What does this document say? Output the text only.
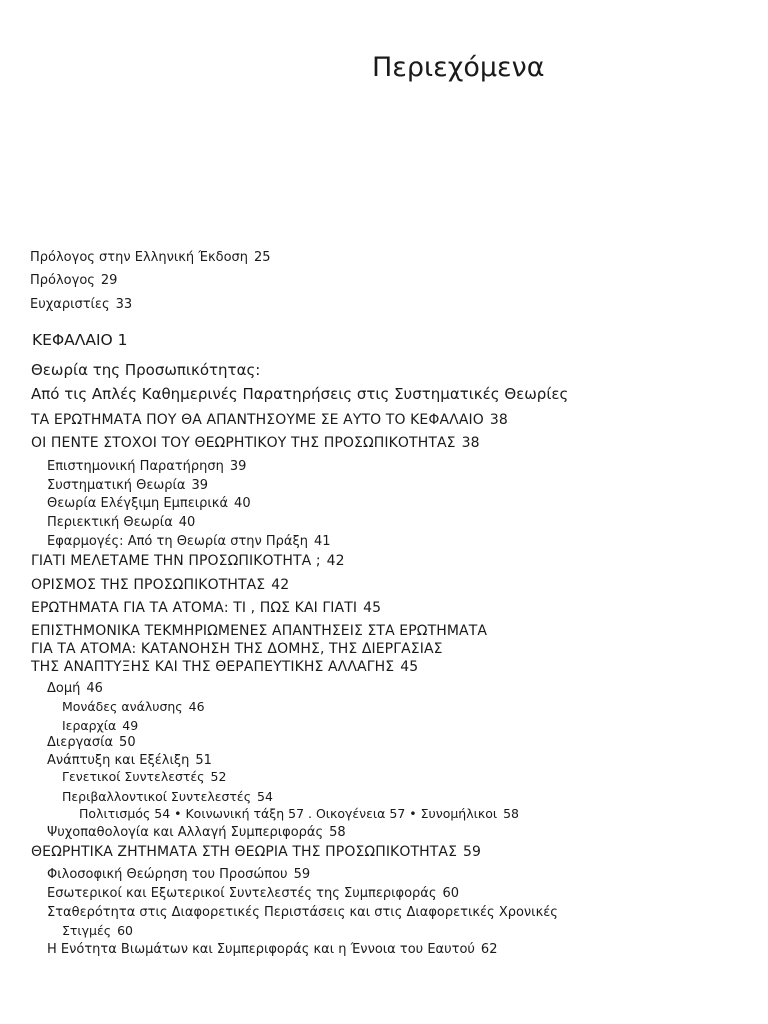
Περιεχόμενα
Πρόλογος στην Ελληνική Έκδοση 25
Πρόλογος 29
Ευχαριστίες 33
ΚΕΦΑΛΑΙΟ 1
Θεωρία της Προσωπικότητας:
Από τις Απλές Καθημερινές Παρατηρήσεις στις Συστηματικές Θεωρίες
ΤΑ ΕΡΩΤΗΜΑΤΑ ΠΟΥ ΘΑ ΑΠΑΝΤΗΣΟΥΜΕ ΣΕ ΑΥΤΟ ΤΟ ΚΕΦΑΛΑΙΟ 38
ΟΙ ΠΕΝΤΕ ΣΤΟΧΟΙ ΤΟΥ ΘΕΩΡΗΤΙΚΟΥ ΤΗΣ ΠΡΟΣΩΠΙΚΟΤΗΤΑΣ 38
Επιστημονική Παρατήρηση 39
Συστηματική Θεωρία 39
Θεωρία Ελέγξιμη Εμπειρικά 40
Περιεκτική Θεωρία 40
Εφαρμογές: Από τη Θεωρία στην Πράξη 41
ΓΙΑΤΙ ΜΕΛΕΤΑΜΕ ΤΗΝ ΠΡΟΣΩΠΙΚΟΤΗΤΑ ; 42
ΟΡΙΣΜΟΣ ΤΗΣ ΠΡΟΣΩΠΙΚΟΤΗΤΑΣ 42
ΕΡΩΤΗΜΑΤΑ ΓΙΑ ΤΑ ΑΤΟΜΑ: ΤΙ , ΠΩΣ ΚΑΙ ΓΙΑΤΙ 45
ΕΠΙΣΤΗΜΟΝΙΚΑ ΤΕΚΜΗΡΙΩΜΕΝΕΣ ΑΠΑΝΤΗΣΕΙΣ ΣΤΑ ΕΡΩΤΗΜΑΤΑ
ΓΙΑ ΤΑ ΑΤΟΜΑ: ΚΑΤΑΝΟΗΣΗ ΤΗΣ ΔΟΜΗΣ, ΤΗΣ ΔΙΕΡΓΑΣΙΑΣ
ΤΗΣ ΑΝΑΠΤΥΞΗΣ ΚΑΙ ΤΗΣ ΘΕΡΑΠΕΥΤΙΚΗΣ ΑΛΛΑΓΗΣ 45
Δομή 46
Μονάδες ανάλυσης 46
Ιεραρχία 49
Διεργασία 50
Ανάπτυξη και Εξέλιξη 51
Γενετικοί Συντελεστές 52
Περιβαλλοντικοί Συντελεστές 54
Πολιτισμός 54 • Κοινωνική τάξη 57 . Οικογένεια 57 • Συνομήλικοι 58
Ψυχοπαθολογία και Αλλαγή Συμπεριφοράς 58
ΘΕΩΡΗΤΙΚΑ ΖΗΤΗΜΑΤΑ ΣΤΗ ΘΕΩΡΙΑ ΤΗΣ ΠΡΟΣΩΠΙΚΟΤΗΤΑΣ 59
Φιλοσοφική Θεώρηση του Προσώπου 59
Εσωτερικοί και Εξωτερικοί Συντελεστές της Συμπεριφοράς 60
Σταθερότητα στις Διαφορετικές Περιστάσεις και στις Διαφορετικές Χρονικές
Στιγμές 60
Η Ενότητα Βιωμάτων και Συμπεριφοράς και η Έννοια του Εαυτού 62
